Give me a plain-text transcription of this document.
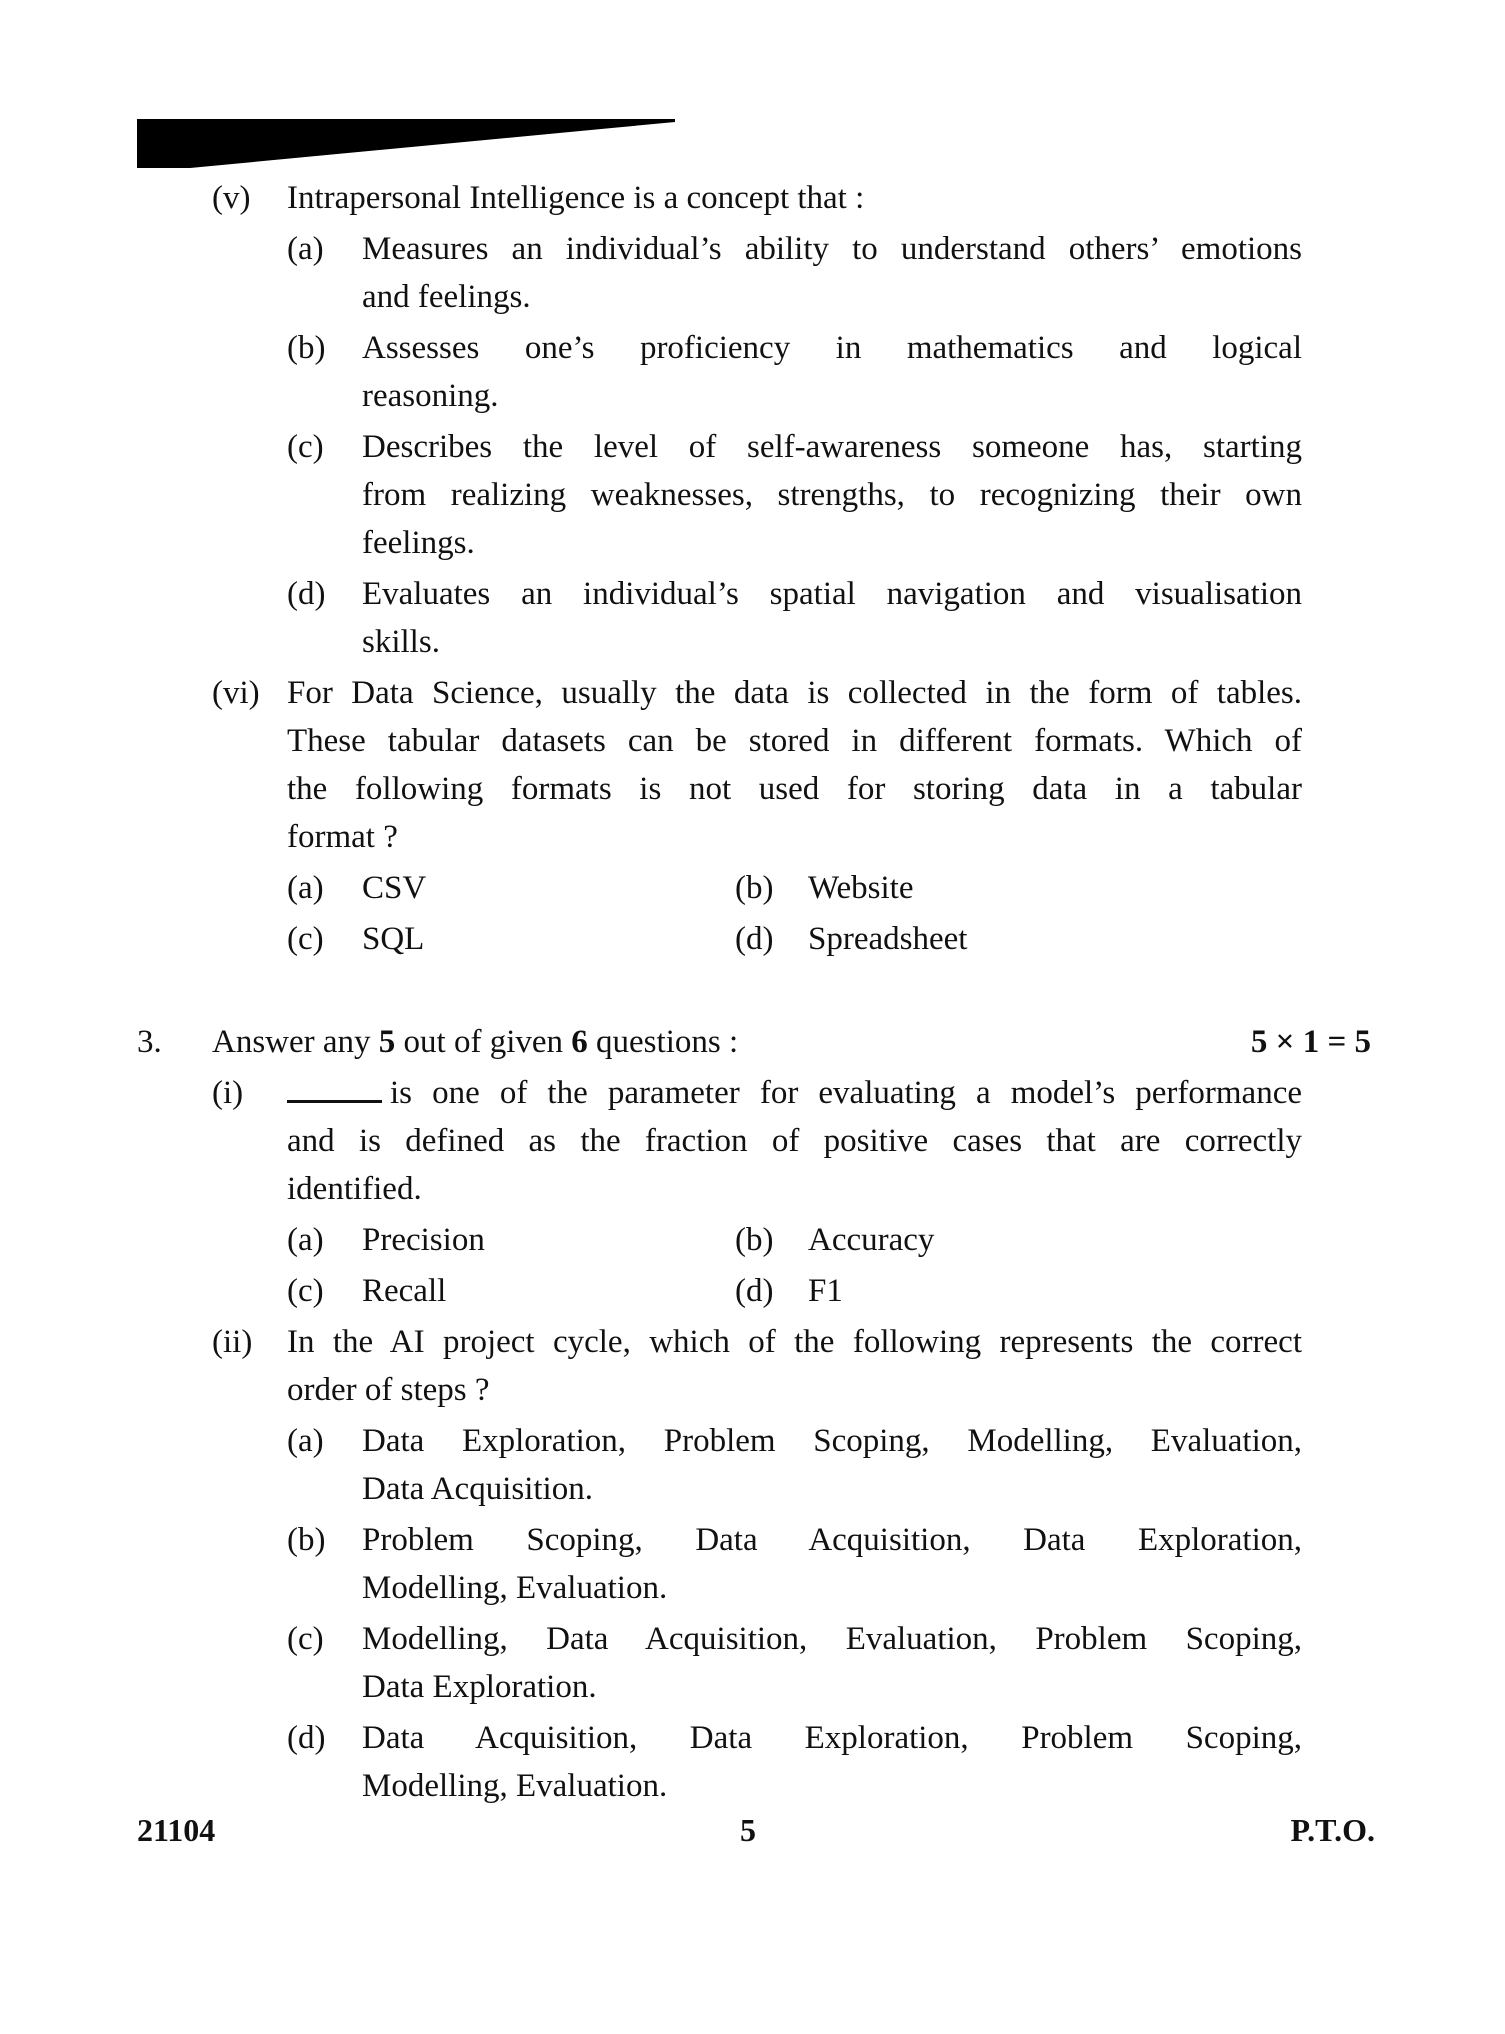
(v) Intrapersonal Intelligence is a concept that :
(a) Measures an individual’s ability to understand others’ emotions
and feelings.
(b) Assesses one’s proficiency in mathematics and logical
reasoning.
(c) Describes the level of self-awareness someone has, starting
from realizing weaknesses, strengths, to recognizing their own
feelings.
(d) Evaluates an individual’s spatial navigation and visualisation
skills.
(vi) For Data Science, usually the data is collected in the form of tables.
These tabular datasets can be stored in different formats. Which of
the following formats is not used for storing data in a tabular
format ?
(a) CSV	(b) Website
(c) SQL	(d) Spreadsheet
3. Answer any 5 out of given 6 questions :	5 × 1 = 5
(i)	is one of the parameter for evaluating a model’s performance
and is defined as the fraction of positive cases that are correctly
identified.
(a) Precision	(b) Accuracy
(c) Recall	(d) F1
(ii) In the AI project cycle, which of the following represents the correct
order of steps ?
(a) Data Exploration, Problem Scoping, Modelling, Evaluation,
Data Acquisition.
(b) Problem Scoping, Data Acquisition, Data Exploration,
Modelling, Evaluation.
(c) Modelling, Data Acquisition, Evaluation, Problem Scoping,
Data Exploration.
(d) Data Acquisition, Data Exploration, Problem Scoping,
Modelling, Evaluation.
21104	5	P.T.O.
